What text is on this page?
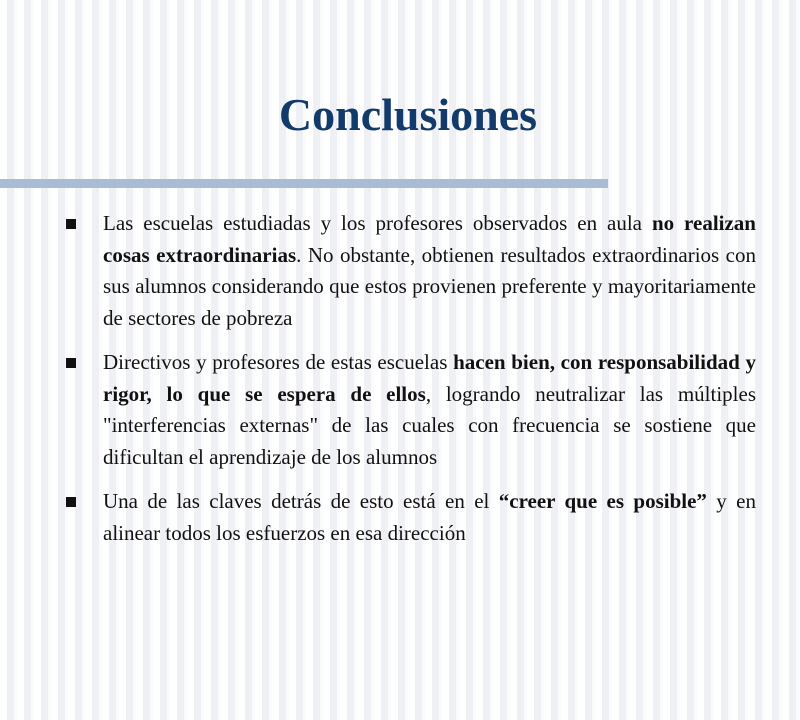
Conclusiones
Las escuelas estudiadas y los profesores observados en aula no realizan cosas extraordinarias. No obstante, obtienen resultados extraordinarios con sus alumnos considerando que estos provienen preferente y mayoritariamente de sectores de pobreza
Directivos y profesores de estas escuelas hacen bien, con responsabilidad y rigor, lo que se espera de ellos, logrando neutralizar las múltiples "interferencias externas" de las cuales con frecuencia se sostiene que dificultan el aprendizaje de los alumnos
Una de las claves detrás de esto está en el “creer que es posible” y en alinear todos los esfuerzos en esa dirección
